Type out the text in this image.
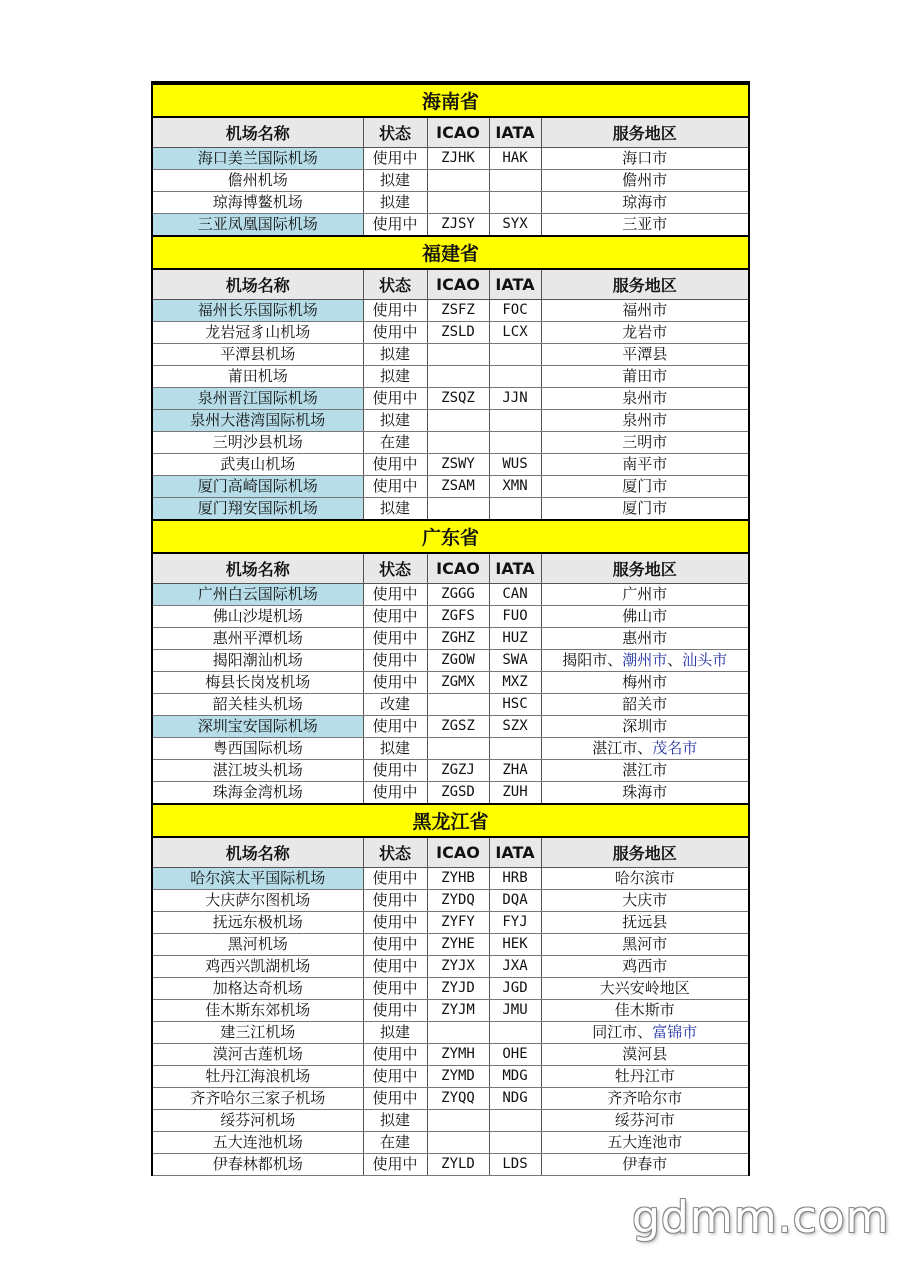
海南省				
机场名称	状态	ICAO	IATA	服务地区
海口美兰国际机场	使用中	ZJHK	HAK	海口市
儋州机场	拟建			儋州市
琼海博鳌机场	拟建			琼海市
三亚凤凰国际机场	使用中	ZJSY	SYX	三亚市
福建省				
机场名称	状态	ICAO	IATA	服务地区
福州长乐国际机场	使用中	ZSFZ	FOC	福州市
龙岩冠豸山机场	使用中	ZSLD	LCX	龙岩市
平潭县机场	拟建			平潭县
莆田机场	拟建			莆田市
泉州晋江国际机场	使用中	ZSQZ	JJN	泉州市
泉州大港湾国际机场	拟建			泉州市
三明沙县机场	在建			三明市
武夷山机场	使用中	ZSWY	WUS	南平市
厦门高崎国际机场	使用中	ZSAM	XMN	厦门市
厦门翔安国际机场	拟建			厦门市
广东省				
机场名称	状态	ICAO	IATA	服务地区
广州白云国际机场	使用中	ZGGG	CAN	广州市
佛山沙堤机场	使用中	ZGFS	FUO	佛山市
惠州平潭机场	使用中	ZGHZ	HUZ	惠州市
揭阳潮汕机场	使用中	ZGOW	SWA	揭阳市、潮州市、汕头市
梅县长岗岌机场	使用中	ZGMX	MXZ	梅州市
韶关桂头机场	改建		HSC	韶关市
深圳宝安国际机场	使用中	ZGSZ	SZX	深圳市
粤西国际机场	拟建			湛江市、茂名市
湛江坡头机场	使用中	ZGZJ	ZHA	湛江市
珠海金湾机场	使用中	ZGSD	ZUH	珠海市
黑龙江省				
机场名称	状态	ICAO	IATA	服务地区
哈尔滨太平国际机场	使用中	ZYHB	HRB	哈尔滨市
大庆萨尔图机场	使用中	ZYDQ	DQA	大庆市
抚远东极机场	使用中	ZYFY	FYJ	抚远县
黑河机场	使用中	ZYHE	HEK	黑河市
鸡西兴凯湖机场	使用中	ZYJX	JXA	鸡西市
加格达奇机场	使用中	ZYJD	JGD	大兴安岭地区
佳木斯东郊机场	使用中	ZYJM	JMU	佳木斯市
建三江机场	拟建			同江市、富锦市
漠河古莲机场	使用中	ZYMH	OHE	漠河县
牡丹江海浪机场	使用中	ZYMD	MDG	牡丹江市
齐齐哈尔三家子机场	使用中	ZYQQ	NDG	齐齐哈尔市
绥芬河机场	拟建			绥芬河市
五大连池机场	在建			五大连池市
伊春林都机场	使用中	ZYLD	LDS	伊春市
gdmm.com
